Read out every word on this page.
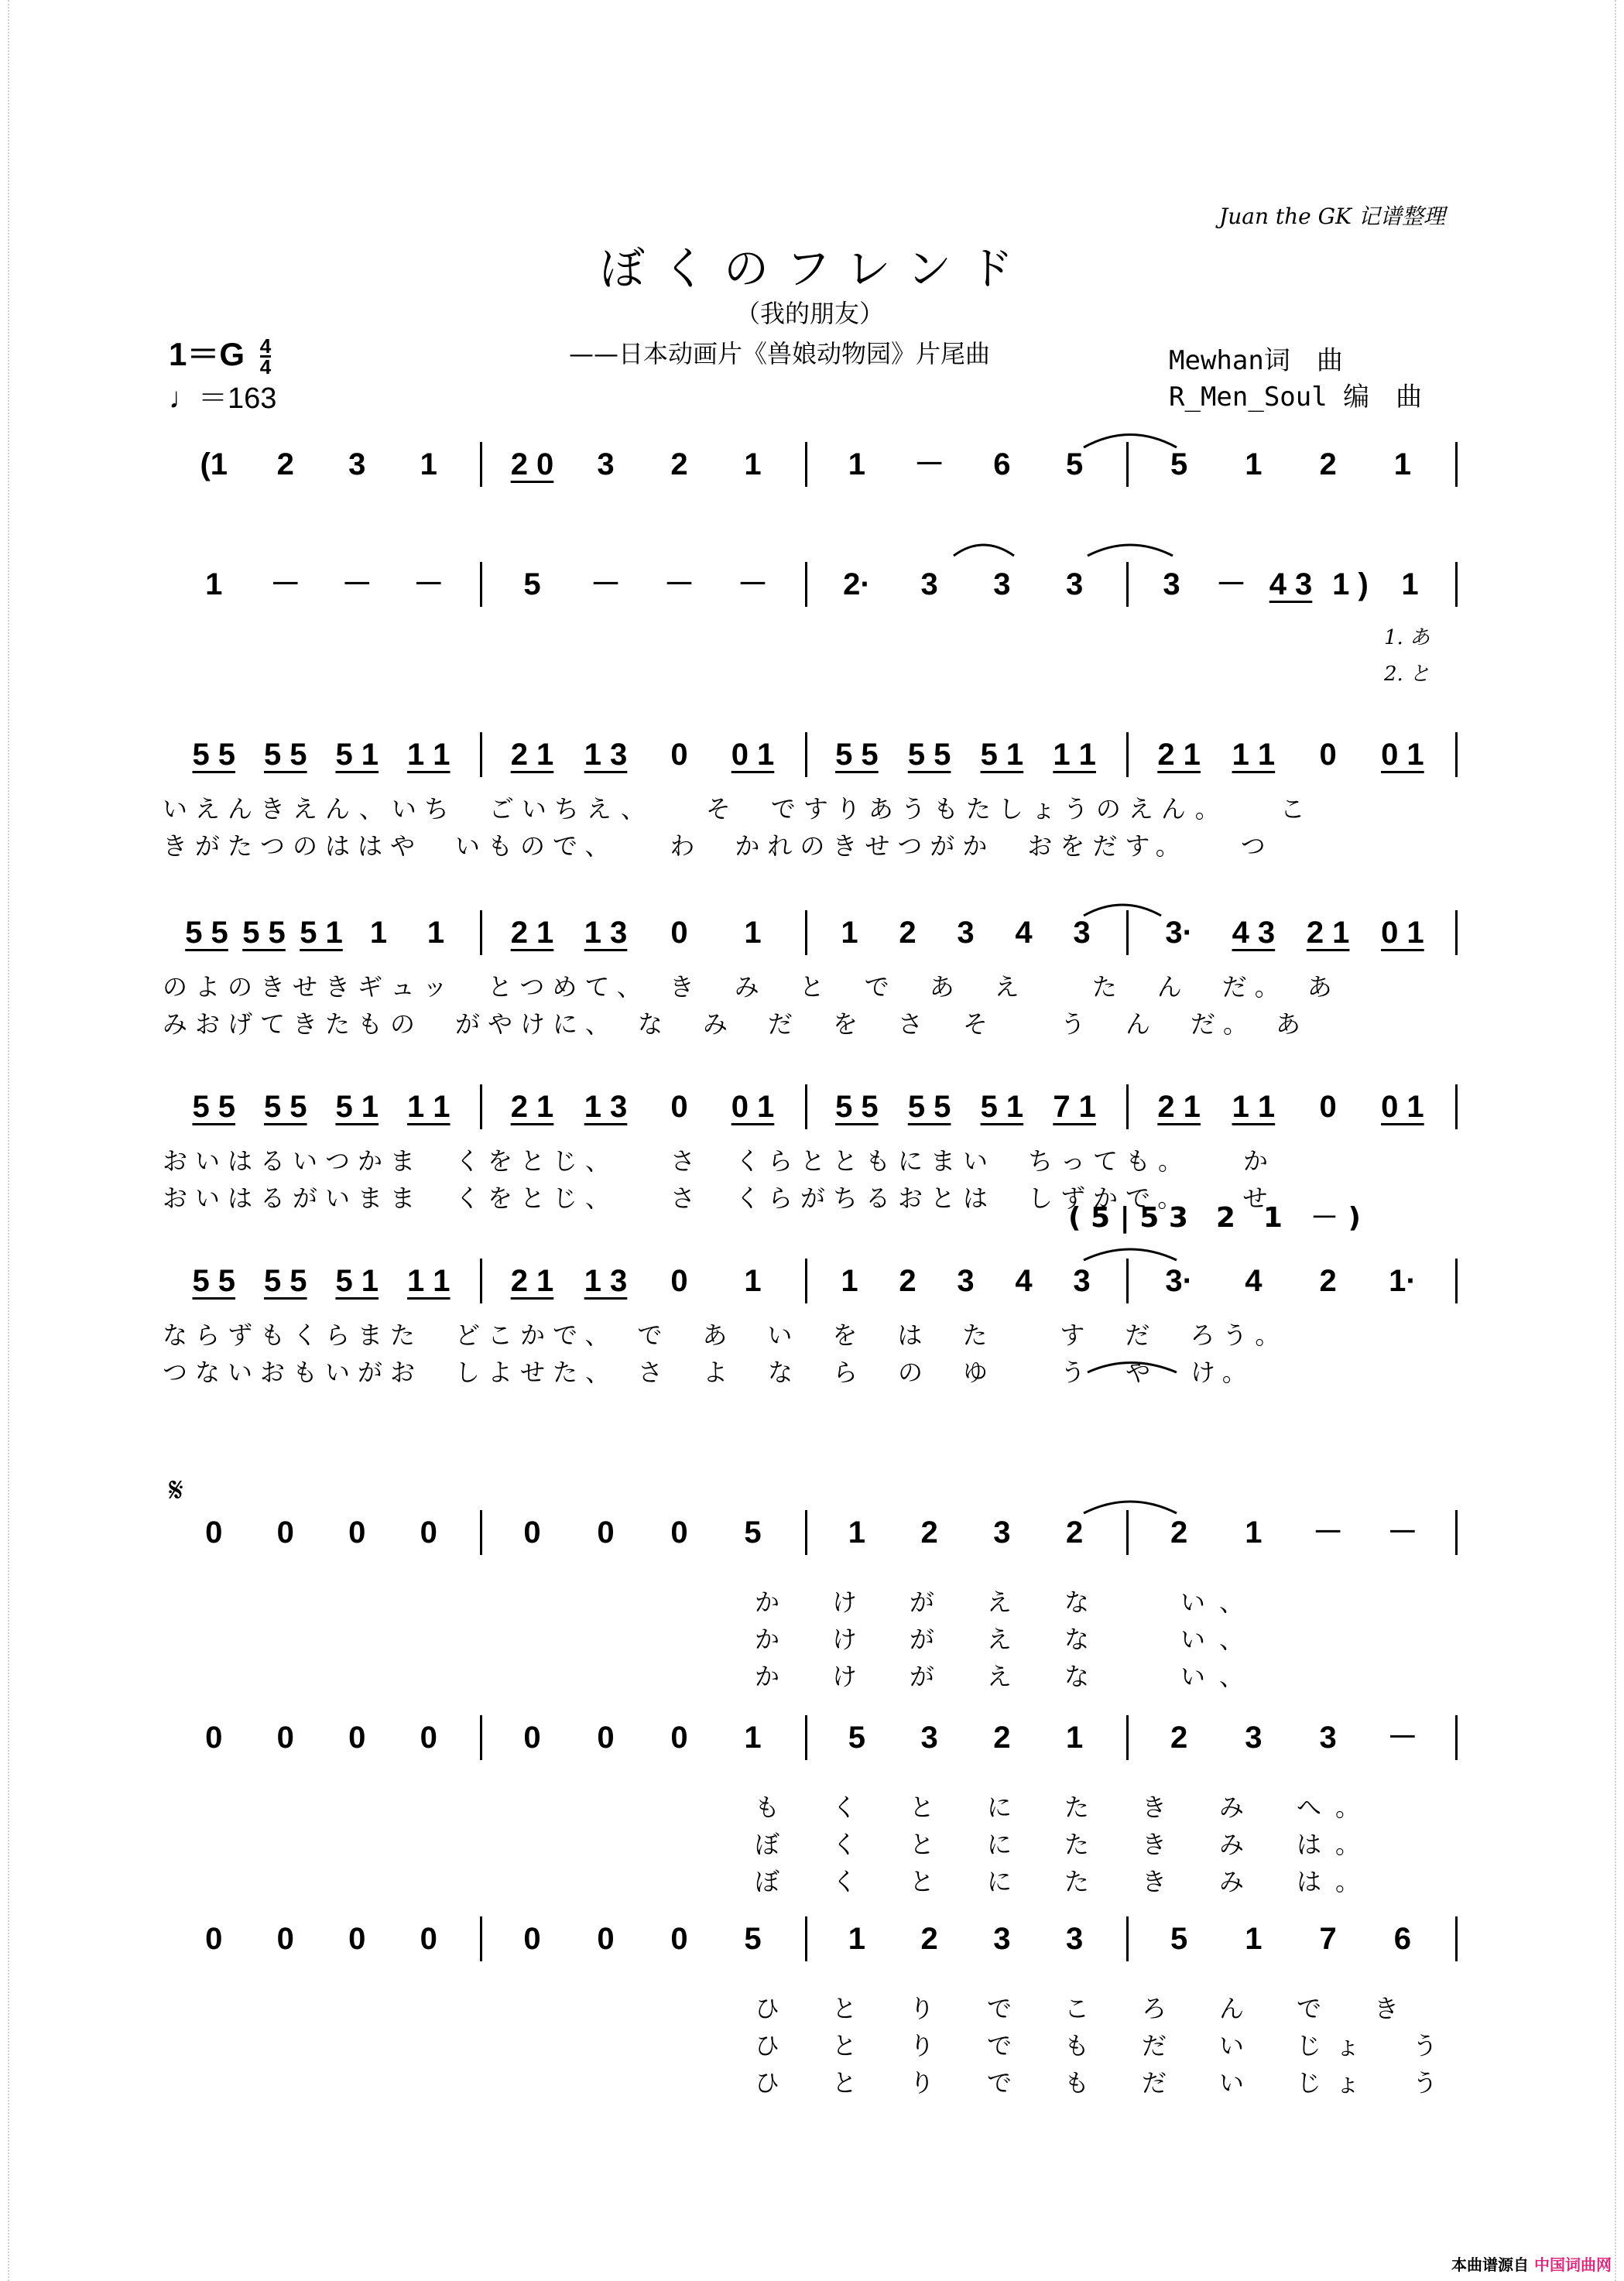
Juan the GK 记谱整理
ぼくのフレンド
（我的朋友）
——日本动画片《兽娘动物园》片尾曲
$1=G \frac{4}{4}$
♩＝163
Mewhan词　曲
R_Men_Soul 编　曲
(1	2	3	1	2 0	3	2	1	1	－	6	5	5	1	2	1
1	－	－	－	5	－	－	－	2·	3	3	3	3	－ 4 3 1 )	1
5 5 5 5 5 1 1 1	2 1 1 3	0	0 1	5 5 5 5 5 1 1 1	2 1	1 1	0	0 1
いえんきえん、いち　ごいちえ、　　そ　ですりあうもたしょうのえん。　　こ
きがたつのははや　いもので、　　わ　かれのきせつがか　おをだす。　　つ
5 5 5 5 5 1 1	1	2 1 1 3	0	1	1	2	3	4	3	3·	4 3	2 1	0 1
のよのきせきギュッ　とつめて、　き　み　と　で　あ　え　　た　ん　だ。　あ
みおげてきたもの　がやけに、　な　み　だ　を　さ　そ　　う　ん　だ。　あ
5 5 5 5 5 1 1 1	2 1 1 3	0	0 1	5 5 5 5 5 1 7 1	2 1	1 1	0	0 1
おいはるいつかま　くをとじ、　　さ　くらとともにまい　ちっても。　　か
おいはるがいまま　くをとじ、　　さ　くらがちるおとは　しずかで。　　せ
5 5 5 5 5 1 1 1	2 1 1 3	0	1	1	2	3	4	3	3·	4	2	1·
ならずもくらまた　どこかで、　で　あ　い　を　は　た　　す　だ　ろう。
つないおもいがお　しよせた、　さ　よ　な　ら　の　ゆ　　う　や　け。
( 5 | 5 3　2　1　－ )
0	0	0	0	0	0	0	5	1	2	3	2	2	1	－	－
か　け　が　え　な　　い、
か　け　が　え　な　　い、
か　け　が　え　な　　い、
0	0	0	0	0	0	0	1	5	3	2	1	2	3	3	－
も　く　と　に　た　き　み　へ。
ぼ　く　と　に　た　き　み　は。
ぼ　く　と　に　た　き　み　は。
0	0	0	0	0	0	0	5	1	2	3	3	5	1	7	6
ひ　と　り　で　こ　ろ　ん　で　き
ひ　と　り　で　も　だ　い　じょ　う
ひ　と　り　で　も　だ　い　じょ　う
1. あ
2. と
𝄋
本曲谱源自 中国词曲网
